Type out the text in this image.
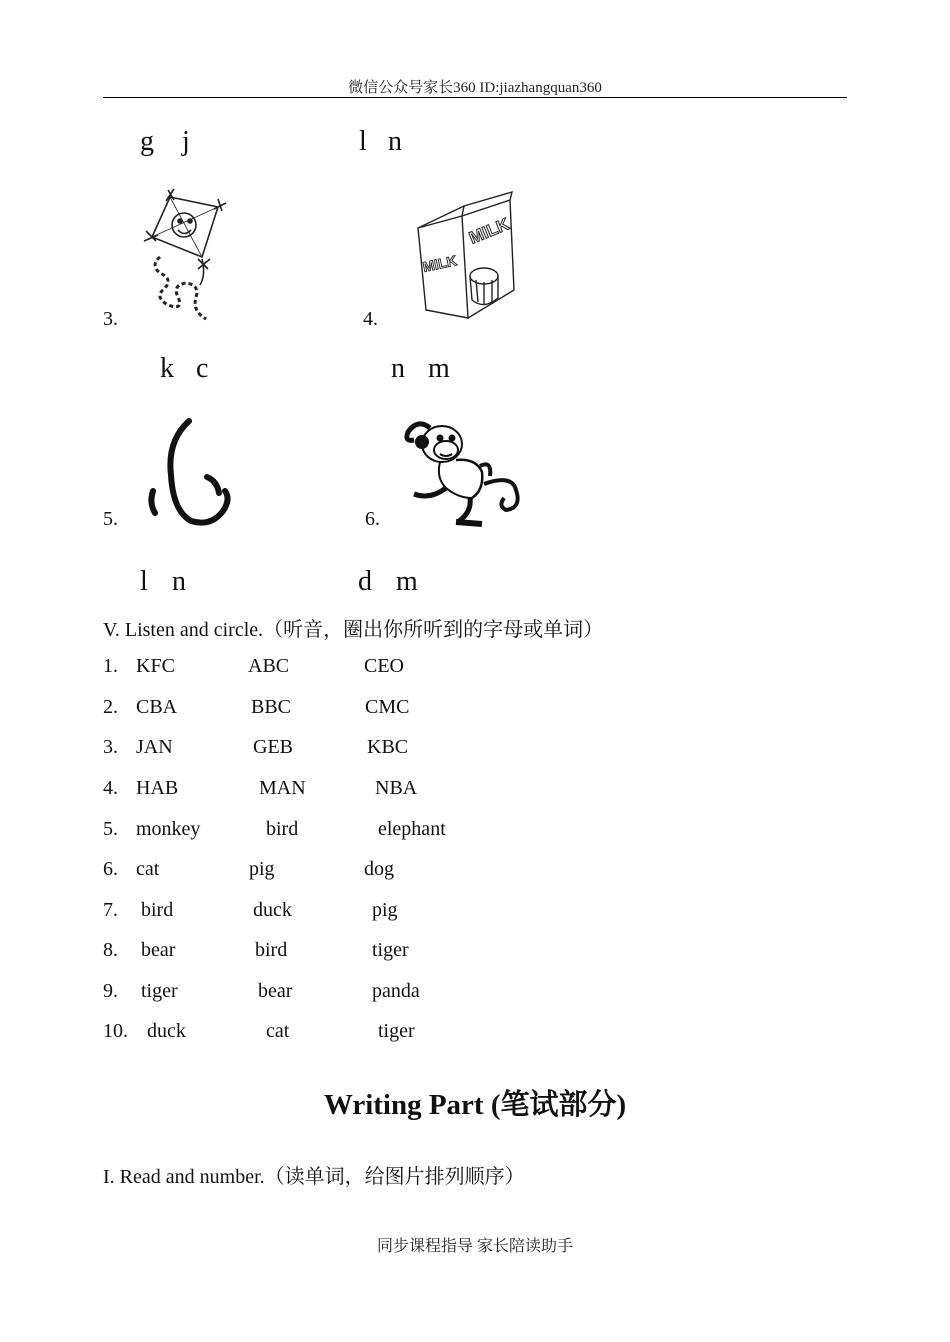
微信公众号家长360 ID:jiazhangquan360
g j	l n
3.	4.
MILK
MILK
k c	n m
5.	6.
l n	d m
V. Listen and circle.（听音，圈出你所听到的字母或单词）
1. KFC	ABC	CEO
2. CBA	BBC	CMC
3. JAN	GEB	KBC
4. HAB	MAN	NBA
5. monkey	bird	elephant
6. cat	pig	dog
7. bird	duck	pig
8. bear	bird	tiger
9. tiger	bear	panda
10. duck	cat	tiger
Writing Part (笔试部分)
I. Read and number.（读单词，给图片排列顺序）
同步课程指导 家长陪读助手
